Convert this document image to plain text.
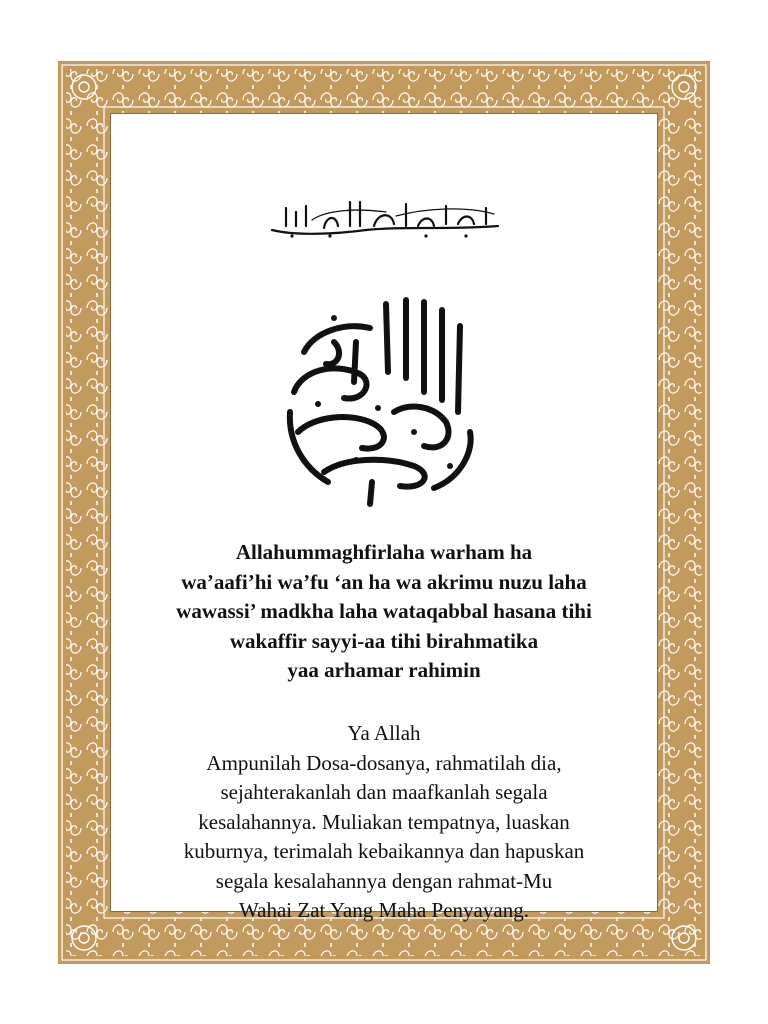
Allahummaghfirlaha warham ha
wa’aafi’hi wa’fu ‘an ha wa akrimu nuzu laha
wawassi’ madkha laha wataqabbal hasana tihi
wakaffir sayyi-aa tihi birahmatika
yaa arhamar rahimin
Ya Allah
Ampunilah Dosa-dosanya, rahmatilah dia,
sejahterakanlah dan maafkanlah segala
kesalahannya. Muliakan tempatnya, luaskan
kuburnya, terimalah kebaikannya dan hapuskan
segala kesalahannya dengan rahmat-Mu
Wahai Zat Yang Maha Penyayang.
